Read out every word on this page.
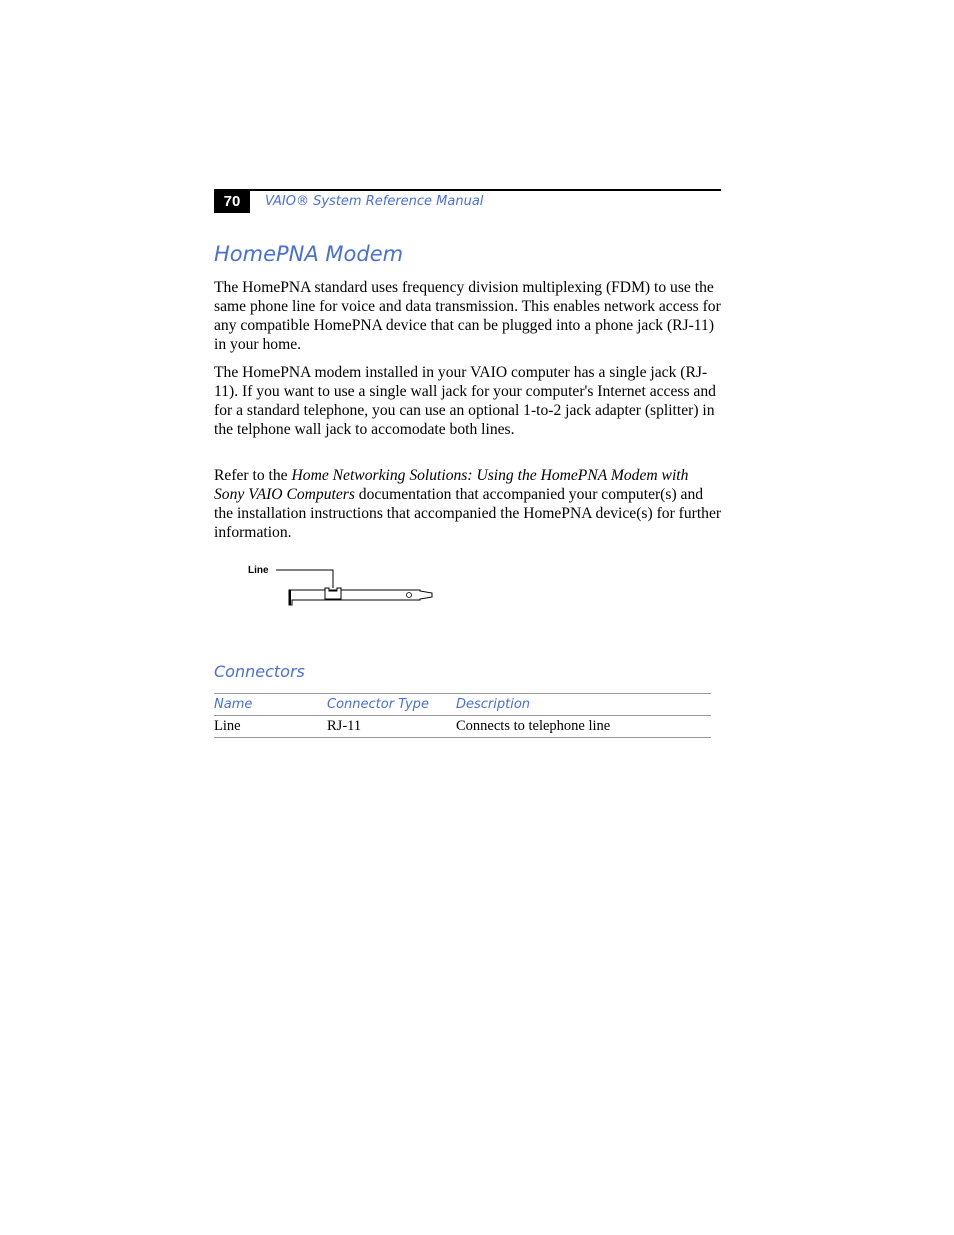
70	VAIO® System Reference Manual
HomePNA Modem

The HomePNA standard uses frequency division multiplexing (FDM) to use the same phone line for voice and data transmission. This enables network access for any compatible HomePNA device that can be plugged into a phone jack (RJ-11) in your home.

The HomePNA modem installed in your VAIO computer has a single jack (RJ-11). If you want to use a single wall jack for your computer's Internet access and for a standard telephone, you can use an optional 1-to-2 jack adapter (splitter) in the telphone wall jack to accomodate both lines.

Refer to the Home Networking Solutions: Using the HomePNA Modem with Sony VAIO Computers documentation that accompanied your computer(s) and the installation instructions that accompanied the HomePNA device(s) for further information.

Line
Connectors
Name	Connector Type	Description
Line	RJ-11	Connects to telephone line
